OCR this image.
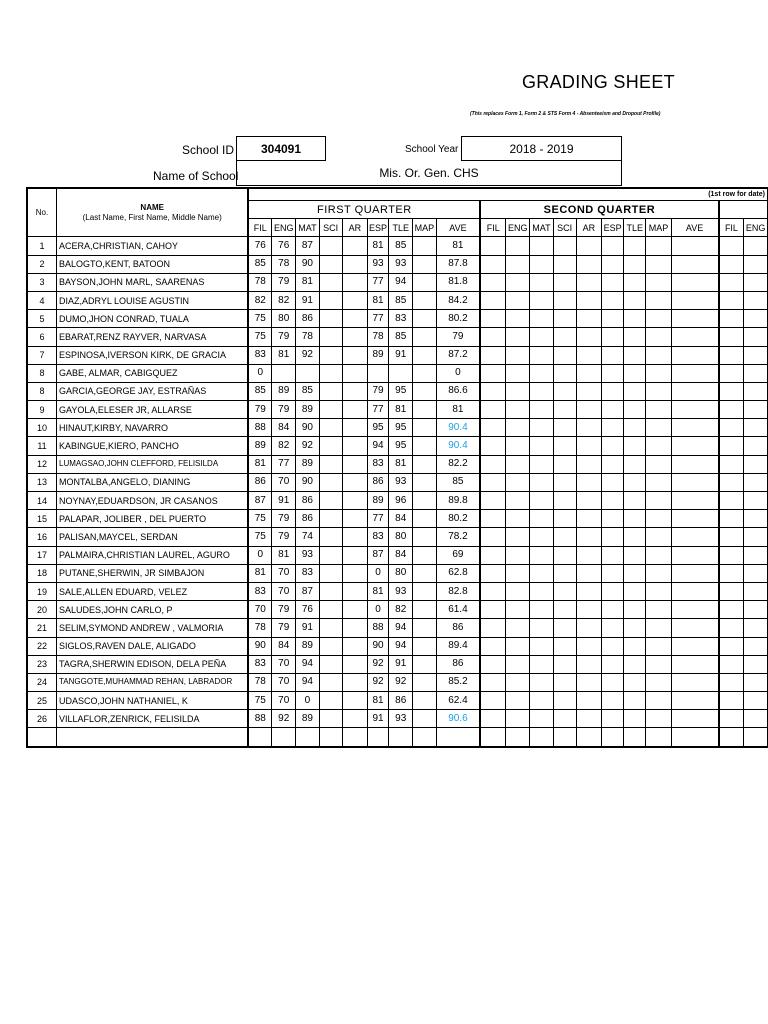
GRADING SHEET
(This replaces Form 1, Form 2 & STS Form 4 - Absenteeism and Dropout Profile)
School ID	304091	School Year	2018 - 2019
Name of School	Mis. Or. Gen. CHS
No.	NAME
(Last Name, First Name, Middle Name)	(1st row for date)																			
		FIRST QUARTER									SECOND QUARTER										
		FIL	ENG	MAT	SCI	AR	ESP	TLE	MAP	AVE	FIL	ENG	MAT	SCI	AR	ESP	TLE	MAP	AVE	FIL	ENG
1	ACERA,CHRISTIAN, CAHOY	76	76	87			81	85		81											
2	BALOGTO,KENT, BATOON	85	78	90			93	93		87.8											
3	BAYSON,JOHN MARL, SAARENAS	78	79	81			77	94		81.8											
4	DIAZ,ADRYL LOUISE AGUSTIN	82	82	91			81	85		84.2											
5	DUMO,JHON CONRAD, TUALA	75	80	86			77	83		80.2											
6	EBARAT,RENZ RAYVER, NARVASA	75	79	78			78	85		79											
7	ESPINOSA,IVERSON KIRK, DE GRACIA	83	81	92			89	91		87.2											
8	GABE, ALMAR, CABIGQUEZ	0								0											
8	GARCIA,GEORGE JAY, ESTRAÑAS	85	89	85			79	95		86.6											
9	GAYOLA,ELESER JR, ALLARSE	79	79	89			77	81		81											
10	HINAUT,KIRBY, NAVARRO	88	84	90			95	95		90.4											
11	KABINGUE,KIERO, PANCHO	89	82	92			94	95		90.4											
12	LUMAGSAO,JOHN CLEFFORD, FELISILDA	81	77	89			83	81		82.2											
13	MONTALBA,ANGELO, DIANING	86	70	90			86	93		85											
14	NOYNAY,EDUARDSON, JR CASANOS	87	91	86			89	96		89.8											
15	PALAPAR, JOLIBER , DEL PUERTO	75	79	86			77	84		80.2											
16	PALISAN,MAYCEL, SERDAN	75	79	74			83	80		78.2											
17	PALMAIRA,CHRISTIAN LAUREL, AGURO	0	81	93			87	84		69											
18	PUTANE,SHERWIN, JR SIMBAJON	81	70	83			0	80		62.8											
19	SALE,ALLEN EDUARD, VELEZ	83	70	87			81	93		82.8											
20	SALUDES,JOHN CARLO, P	70	79	76			0	82		61.4											
21	SELIM,SYMOND ANDREW , VALMORIA	78	79	91			88	94		86											
22	SIGLOS,RAVEN DALE, ALIGADO	90	84	89			90	94		89.4											
23	TAGRA,SHERWIN EDISON, DELA PEÑA	83	70	94			92	91		86											
24	TANGGOTE,MUHAMMAD REHAN, LABRADOR	78	70	94			92	92		85.2											
25	UDASCO,JOHN NATHANIEL, K	75	70	0			81	86		62.4											
26	VILLAFLOR,ZENRICK, FELISILDA	88	92	89			91	93		90.6											
